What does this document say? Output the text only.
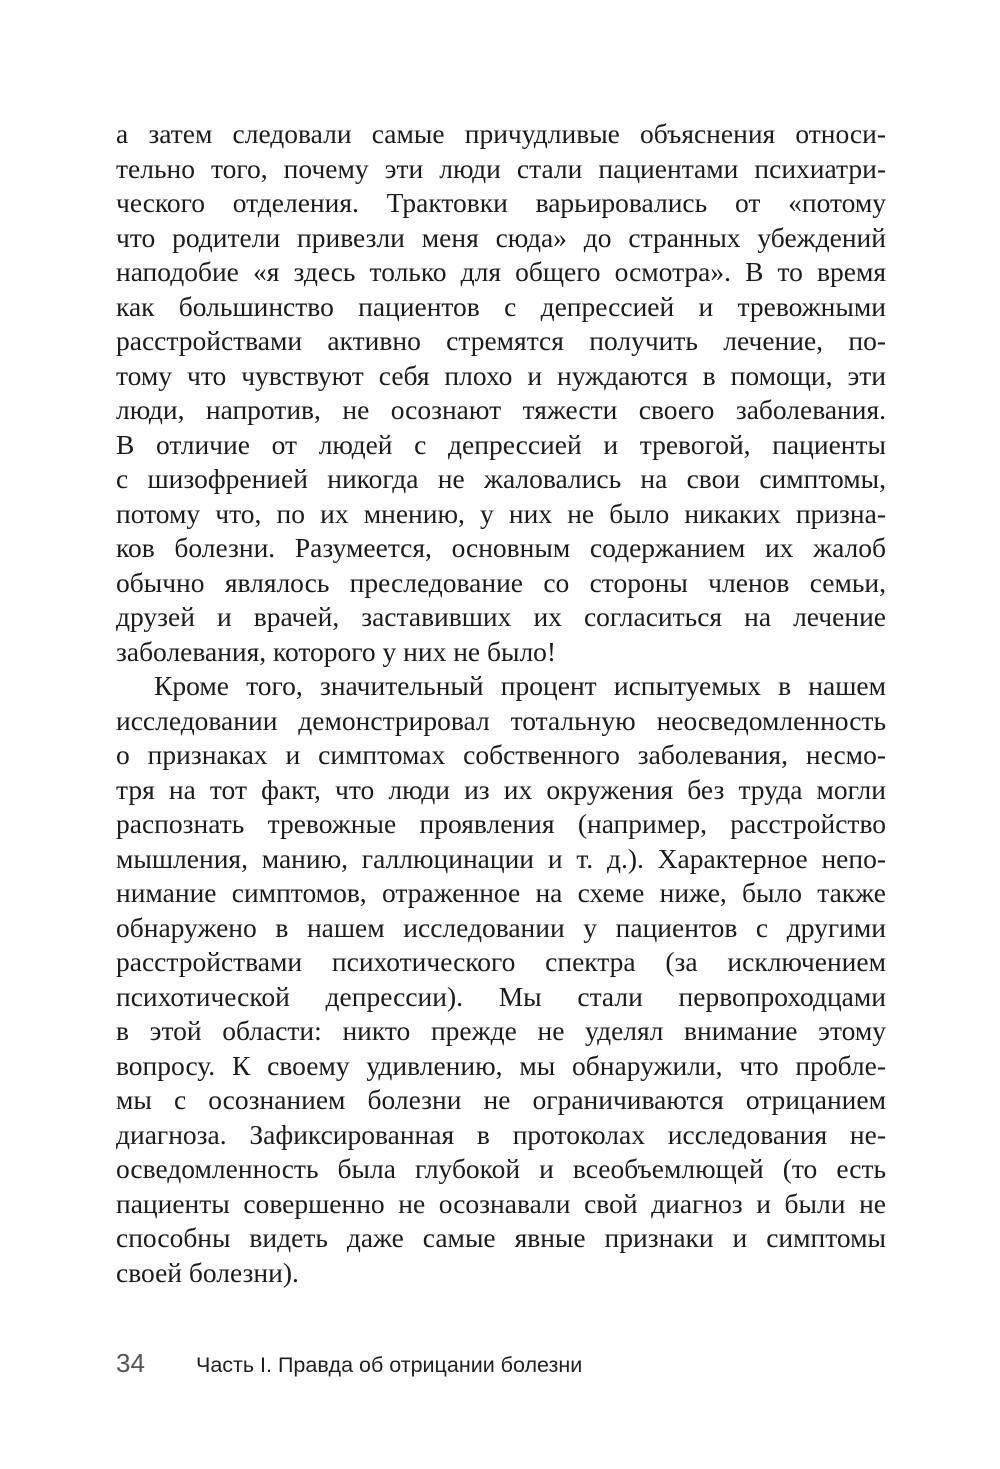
а затем следовали самые причудливые объяснения относи-
тельно того, почему эти люди стали пациентами психиатри-
ческого отделения. Трактовки варьировались от «потому
что родители привезли меня сюда» до странных убеждений
наподобие «я здесь только для общего осмотра». В то время
как большинство пациентов с депрессией и тревожными
расстройствами активно стремятся получить лечение, по-
тому что чувствуют себя плохо и нуждаются в помощи, эти
люди, напротив, не осознают тяжести своего заболевания.
В отличие от людей с депрессией и тревогой, пациенты
с шизофренией никогда не жаловались на свои симптомы,
потому что, по их мнению, у них не было никаких призна-
ков болезни. Разумеется, основным содержанием их жалоб
обычно являлось преследование со стороны членов семьи,
друзей и врачей, заставивших их согласиться на лечение
заболевания, которого у них не было!
Кроме того, значительный процент испытуемых в нашем
исследовании демонстрировал тотальную неосведомленность
о признаках и симптомах собственного заболевания, несмо-
тря на тот факт, что люди из их окружения без труда могли
распознать тревожные проявления (например, расстройство
мышления, манию, галлюцинации и т. д.). Характерное непо-
нимание симптомов, отраженное на схеме ниже, было также
обнаружено в нашем исследовании у пациентов с другими
расстройствами психотического спектра (за исключением
психотической депрессии). Мы стали первопроходцами
в этой области: никто прежде не уделял внимание этому
вопросу. К своему удивлению, мы обнаружили, что пробле-
мы с осознанием болезни не ограничиваются отрицанием
диагноза. Зафиксированная в протоколах исследования не-
осведомленность была глубокой и всеобъемлющей (то есть
пациенты совершенно не осознавали свой диагноз и были не
способны видеть даже самые явные признаки и симптомы
своей болезни).
34 Часть I. Правда об отрицании болезни
